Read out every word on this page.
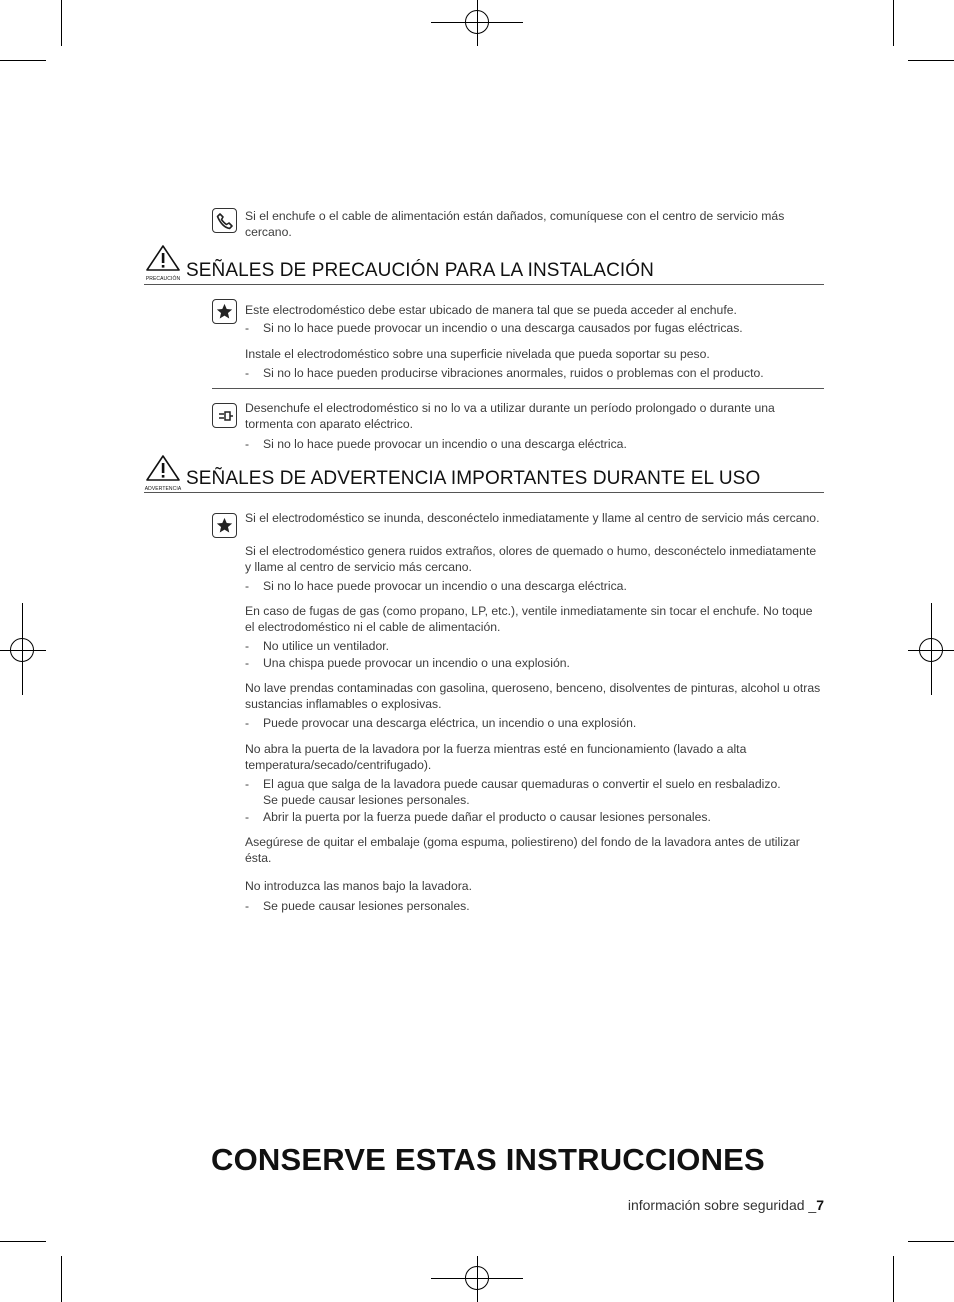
Si el enchufe o el cable de alimentación están dañados, comuníquese con el centro de servicio más cercano.
PRECAUCIÓN SEÑALES DE PRECAUCIÓN PARA LA INSTALACIÓN
Este electrodoméstico debe estar ubicado de manera tal que se pueda acceder al enchufe.
- Si no lo hace puede provocar un incendio o una descarga causados por fugas eléctricas.
Instale el electrodoméstico sobre una superficie nivelada que pueda soportar su peso.
- Si no lo hace pueden producirse vibraciones anormales, ruidos o problemas con el producto.
Desenchufe el electrodoméstico si no lo va a utilizar durante un período prolongado o durante una tormenta con aparato eléctrico.
- Si no lo hace puede provocar un incendio o una descarga eléctrica.
ADVERTENCIA SEÑALES DE ADVERTENCIA IMPORTANTES DURANTE EL USO
Si el electrodoméstico se inunda, desconéctelo inmediatamente y llame al centro de servicio más cercano.
Si el electrodoméstico genera ruidos extraños, olores de quemado o humo, desconéctelo inmediatamente y llame al centro de servicio más cercano.
- Si no lo hace puede provocar un incendio o una descarga eléctrica.
En caso de fugas de gas (como propano, LP, etc.), ventile inmediatamente sin tocar el enchufe. No toque el electrodoméstico ni el cable de alimentación.
- No utilice un ventilador.
- Una chispa puede provocar un incendio o una explosión.
No lave prendas contaminadas con gasolina, queroseno, benceno, disolventes de pinturas, alcohol u otras sustancias inflamables o explosivas.
- Puede provocar una descarga eléctrica, un incendio o una explosión.
No abra la puerta de la lavadora por la fuerza mientras esté en funcionamiento (lavado a alta temperatura/secado/centrifugado).
- El agua que salga de la lavadora puede causar quemaduras o convertir el suelo en resbaladizo.
Se puede causar lesiones personales.
- Abrir la puerta por la fuerza puede dañar el producto o causar lesiones personales.
Asegúrese de quitar el embalaje (goma espuma, poliestireno) del fondo de la lavadora antes de utilizar ésta.
No introduzca las manos bajo la lavadora.
- Se puede causar lesiones personales.
CONSERVE ESTAS INSTRUCCIONES
información sobre seguridad _7
